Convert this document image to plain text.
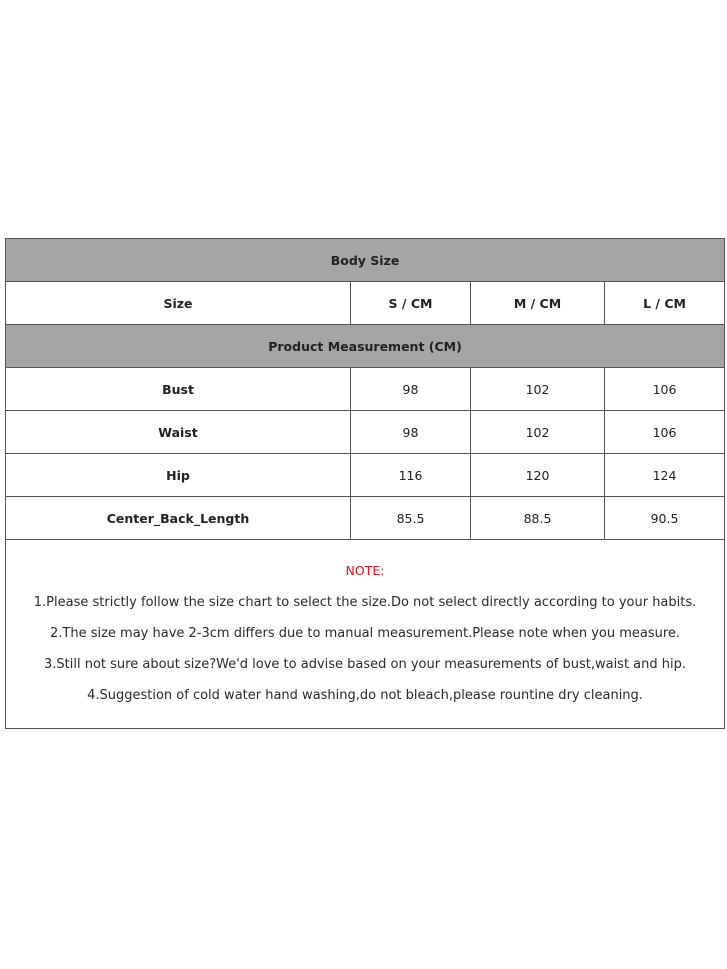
Body Size			
Size	S / CM	M / CM	L / CM
Product Measurement (CM)			
Bust	98	102	106
Waist	98	102	106
Hip	116	120	124
Center_Back_Length	85.5	88.5	90.5

NOTE:
1.Please strictly follow the size chart to select the size.Do not select directly according to your habits.
2.The size may have 2-3cm differs due to manual measurement.Please note when you measure.
3.Still not sure about size?We'd love to advise based on your measurements of bust,waist and hip.
4.Suggestion of cold water hand washing,do not bleach,please rountine dry cleaning.			
